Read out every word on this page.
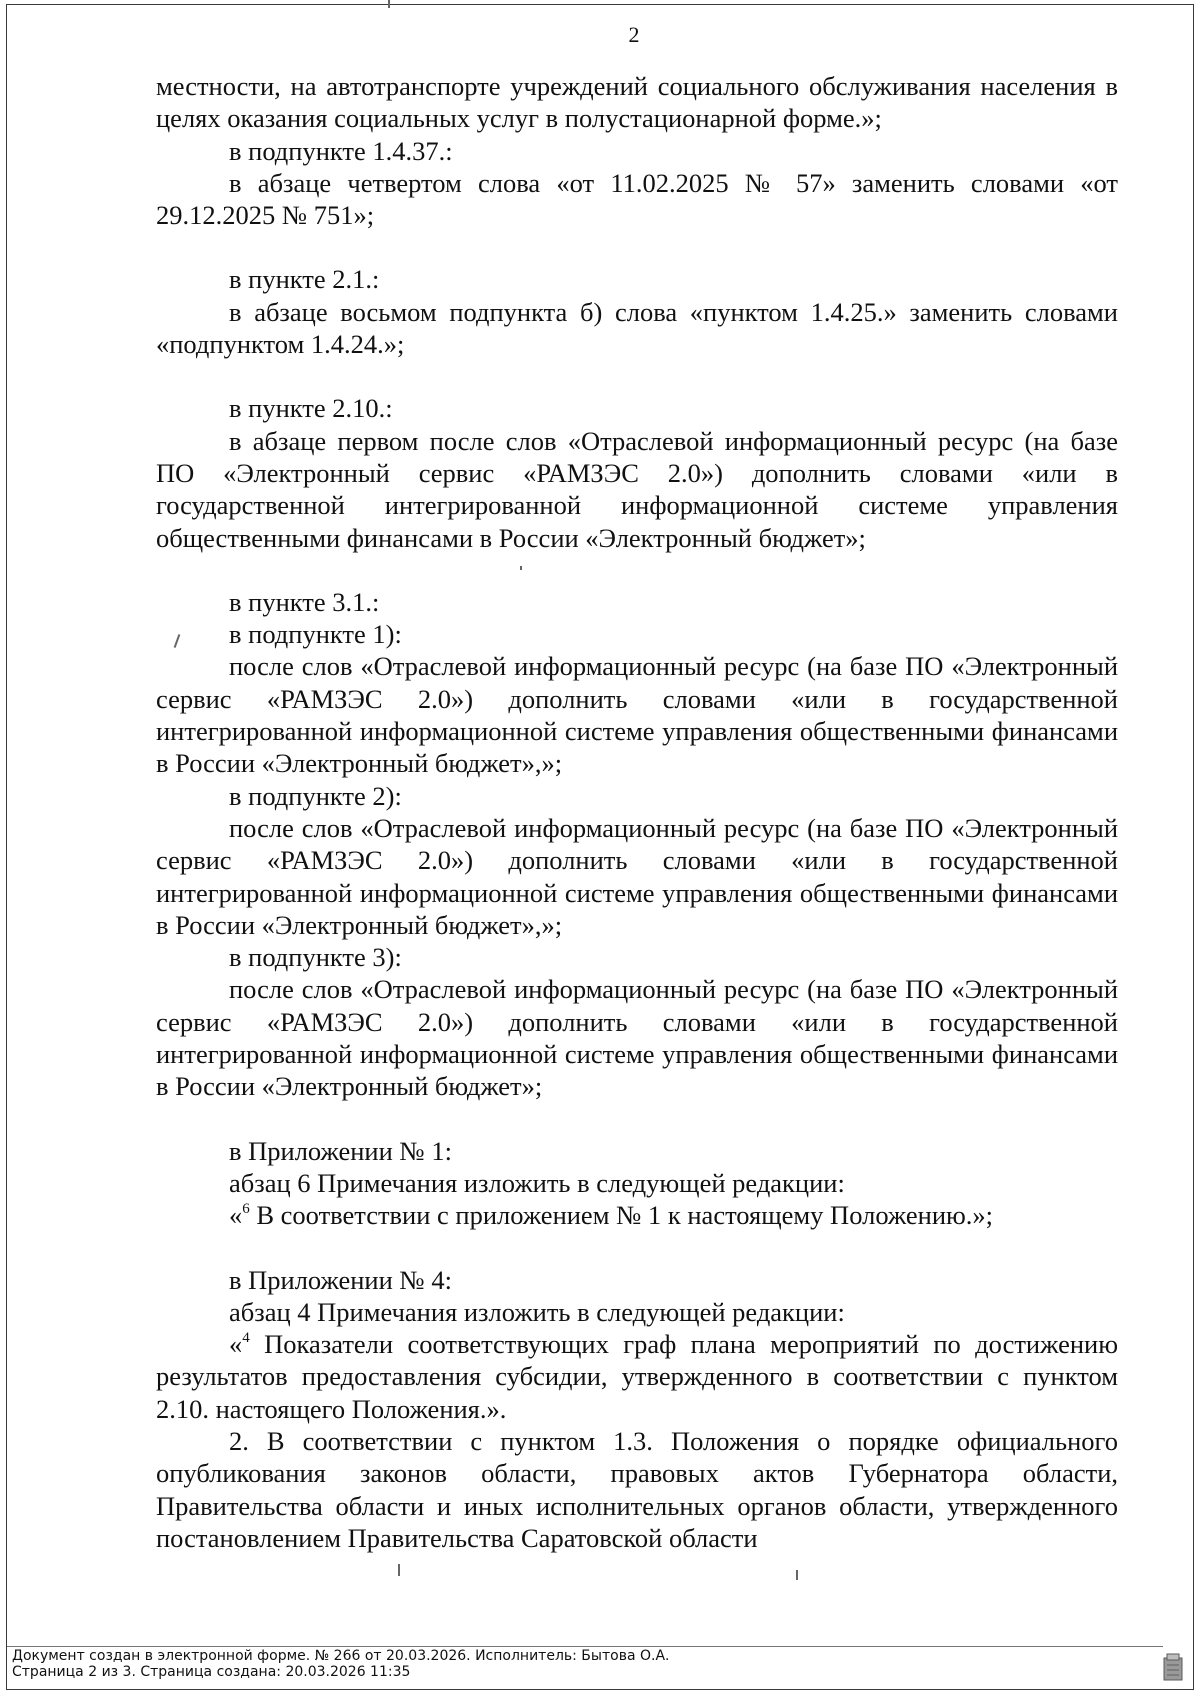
2

местности, на автотранспорте учреждений социального обслуживания населения в целях оказания социальных услуг в полустационарной форме.»;

в подпункте 1.4.37.:

в абзаце четвертом слова «от 11.02.2025 № 57» заменить словами «от 29.12.2025 № 751»;

в пункте 2.1.:

в абзаце восьмом подпункта б) слова «пунктом 1.4.25.» заменить словами «подпунктом 1.4.24.»;

в пункте 2.10.:

в абзаце первом после слов «Отраслевой информационный ресурс (на базе ПО «Электронный сервис «РАМЗЭС 2.0») дополнить словами «или в государственной интегрированной информационной системе управления общественными финансами в России «Электронный бюджет»;

в пункте 3.1.:

в подпункте 1):

после слов «Отраслевой информационный ресурс (на базе ПО «Электронный сервис «РАМЗЭС 2.0») дополнить словами «или в государственной интегрированной информационной системе управления общественными финансами в России «Электронный бюджет»,»;

в подпункте 2):

после слов «Отраслевой информационный ресурс (на базе ПО «Электронный сервис «РАМЗЭС 2.0») дополнить словами «или в государственной интегрированной информационной системе управления общественными финансами в России «Электронный бюджет»,»;

в подпункте 3):

после слов «Отраслевой информационный ресурс (на базе ПО «Электронный сервис «РАМЗЭС 2.0») дополнить словами «или в государственной интегрированной информационной системе управления общественными финансами в России «Электронный бюджет»;

в Приложении № 1:

абзац 6 Примечания изложить в следующей редакции:

«$^6$ В соответствии с приложением № 1 к настоящему Положению.»;

в Приложении № 4:

абзац 4 Примечания изложить в следующей редакции:

«$^4$ Показатели соответствующих граф плана мероприятий по достижению результатов предоставления субсидии, утвержденного в соответствии с пунктом 2.10. настоящего Положения.».

2. В соответствии с пунктом 1.3. Положения о порядке официального опубликования законов области, правовых актов Губернатора области, Правительства области и иных исполнительных органов области, утвержденного постановлением Правительства Саратовской области

Документ создан в электронной форме. № 266 от 20.03.2026. Исполнитель: Бытова О.А.
Страница 2 из 3. Страница создана: 20.03.2026 11:35
